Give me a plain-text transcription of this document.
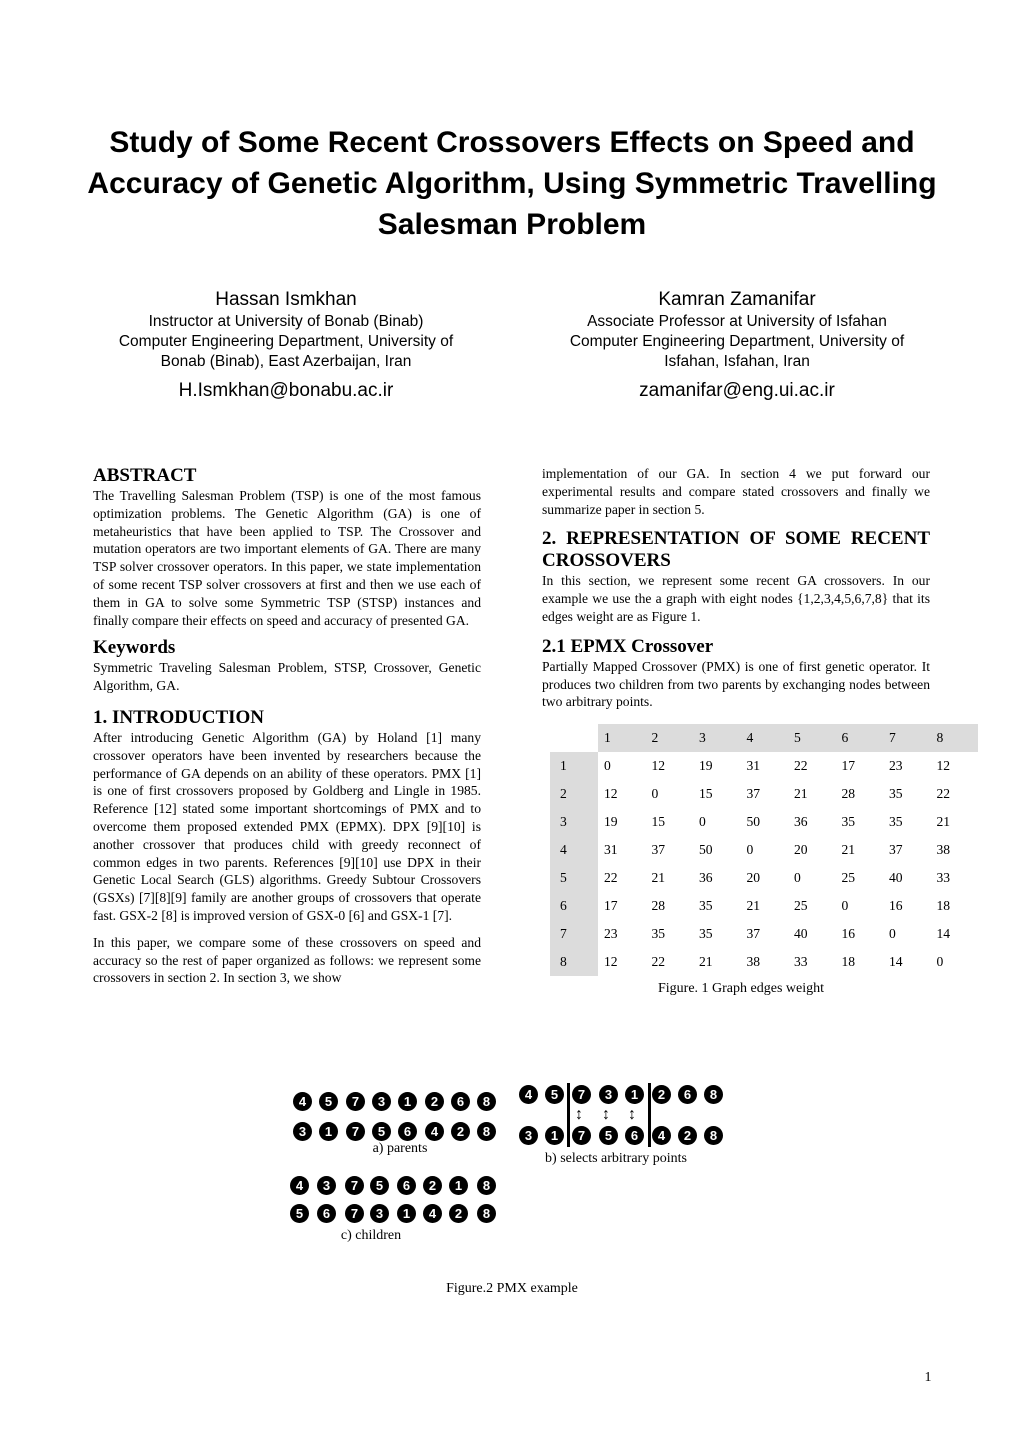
Study of Some Recent Crossovers Effects on Speed and Accuracy of Genetic Algorithm, Using Symmetric Travelling Salesman Problem
Hassan Ismkhan
Instructor at University of Bonab (Binab)
Computer Engineering Department, University of Bonab (Binab), East Azerbaijan, Iran
H.Ismkhan@bonabu.ac.ir
Kamran Zamanifar
Associate Professor at University of Isfahan
Computer Engineering Department, University of Isfahan, Isfahan, Iran
zamanifar@eng.ui.ac.ir
ABSTRACT

The Travelling Salesman Problem (TSP) is one of the most famous optimization problems. The Genetic Algorithm (GA) is one of metaheuristics that have been applied to TSP. The Crossover and mutation operators are two important elements of GA. There are many TSP solver crossover operators. In this paper, we state implementation of some recent TSP solver crossovers at first and then we use each of them in GA to solve some Symmetric TSP (STSP) instances and finally compare their effects on speed and accuracy of presented GA.

Keywords

Symmetric Traveling Salesman Problem, STSP, Crossover, Genetic Algorithm, GA.

1. INTRODUCTION

After introducing Genetic Algorithm (GA) by Holand [1] many crossover operators have been invented by researchers because the performance of GA depends on an ability of these operators. PMX [1] is one of first crossovers proposed by Goldberg and Lingle in 1985. Reference [12] stated some important shortcomings of PMX and to overcome them proposed extended PMX (EPMX). DPX [9][10] is another crossover that produces child with greedy reconnect of common edges in two parents. References [9][10] use DPX in their Genetic Local Search (GLS) algorithms. Greedy Subtour Crossovers (GSXs) [7][8][9] family are another groups of crossovers that operate fast. GSX-2 [8] is improved version of GSX-0 [6] and GSX-1 [7].

In this paper, we compare some of these crossovers on speed and accuracy so the rest of paper organized as follows: we represent some crossovers in section 2. In section 3, we show

implementation of our GA. In section 4 we put forward our experimental results and compare stated crossovers and finally we summarize paper in section 5.

2. REPRESENTATION OF SOME RECENT CROSSOVERS

In this section, we represent some recent GA crossovers. In our example we use the a graph with eight nodes {1,2,3,4,5,6,7,8} that its edges weight are as Figure 1.

2.1 EPMX Crossover

Partially Mapped Crossover (PMX) is one of first genetic operator. It produces two children from two parents by exchanging nodes between two arbitrary points.

	1	2	3	4	5	6	7	8
1	0	12	19	31	22	17	23	12
2	12	0	15	37	21	28	35	22
3	19	15	0	50	36	35	35	21
4	31	37	50	0	20	21	37	38
5	22	21	36	20	0	25	40	33
6	17	28	35	21	25	0	16	18
7	23	35	35	37	40	16	0	14
8	12	22	21	38	33	18	14	0
Figure. 1 Graph edges weight
4	5	7	3	1	2	6	8
3	1	7	5	6	4	2	8
4	3	7	5	6	2	1	8
5	6	7	3	1	4	2	8
4	5	7	3	1	2	6	8
3	1	7	5	6	4	2	8
↕ ↕ ↕
a) parents
b) selects arbitrary points
c) children
Figure.2 PMX example
1
